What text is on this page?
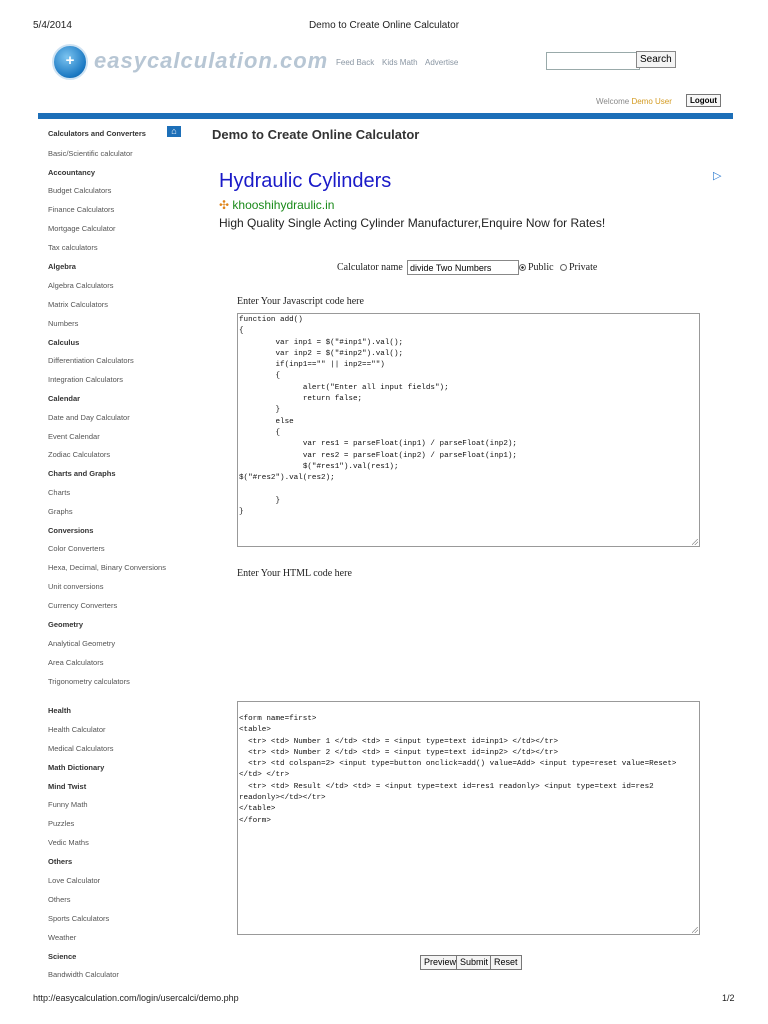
5/4/2014	Demo to Create Online Calculator
+ easycalculation.com Feed Back Kids Math Advertise	Search
Welcome Demo User	Logout
Calculators and Converters
Basic/Scientific calculator
Accountancy
Budget Calculators
Finance Calculators
Mortgage Calculator
Tax calculators
Algebra
Algebra Calculators
Matrix Calculators
Numbers
Calculus
Differentiation Calculators
Integration Calculators
Calendar
Date and Day Calculator
Event Calendar
Zodiac Calculators
Charts and Graphs
Charts
Graphs
Conversions
Color Converters
Hexa, Decimal, Binary Conversions
Unit conversions
Currency Converters
Geometry
Analytical Geometry
Area Calculators
Trigonometry calculators
Health
Health Calculator
Medical Calculators
Math Dictionary
Mind Twist
Funny Math
Puzzles
Vedic Maths
Others
Love Calculator
Others
Sports Calculators
Weather
Science
Bandwidth Calculator
⌂	Demo to Create Online Calculator
Hydraulic Cylinders
✣ khooshihydraulic.in
High Quality Single Acting Cylinder Manufacturer,Enquire Now for Rates!
▷
Calculator name
divide Two Numbers	Public	Private
Enter Your Javascript code here
function add()
{
var inp1 = $("#inp1").val();
var inp2 = $("#inp2").val();
if(inp1=="" || inp2=="")
{
alert("Enter all input fields");
return false;
}
else
{
var res1 = parseFloat(inp1) / parseFloat(inp2);
var res2 = parseFloat(inp2) / parseFloat(inp1);
$("#res1").val(res1);
$("#res2").val(res2);

}
}
Enter Your HTML code here
<form name=first>
<table>
<tr> <td> Number 1 </td> <td> = <input type=text id=inp1> </td></tr>
<tr> <td> Number 2 </td> <td> = <input type=text id=inp2> </td></tr>
<tr> <td colspan=2> <input type=button onclick=add() value=Add> <input type=reset value=Reset> </td> </tr>
<tr> <td> Result </td> <td> = <input type=text id=res1 readonly> <input type=text id=res2 readonly></td></tr>
</table>
</form>
Preview Submit Reset
http://easycalculation.com/login/usercalci/demo.php	1/2
